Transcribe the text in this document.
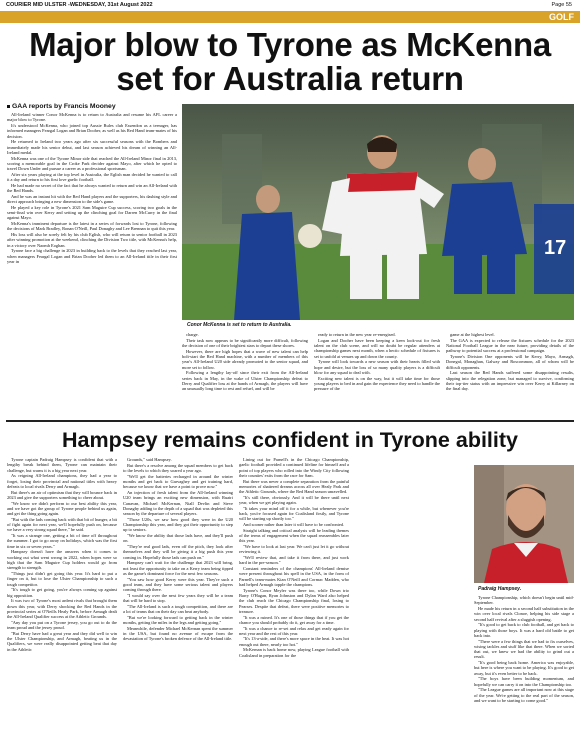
COURIER MID ULSTER -WEDNESDAY, 31st August 2022	Page 55
GOLF
Major blow to Tyrone as McKenna set for Australia return
GAA reports by Francis Mooney

All-Ireland winner Conor McKenna is to return to Australia and resume his AFL career a major blow to Tyrone.

It's understood McKenna, who joined top Aussie Rules club Essendon as a teenager, has informed managers Feargal Logan and Brian Dooher, as well as his Red Hand team-mates of his decision.

He returned to Ireland two years ago after six successful seasons with the Bombers and immediately made his senior debut, and last season achieved his dream of winning an All-Ireland medal.

McKenna was one of the Tyrone Minor side that reached the All-Ireland Minor final in 2013, scoring a memorable goal in the Croke Park decider against Mayo, after which he opted to travel Down Under and pursue a career as a professional sportsman.

After six years playing at the top level in Australia, the Eglish man decided he wanted to call it a day and return to his first love gaelic football.

He had made no secret of the fact that he always wanted to return and win an All-Ireland with the Red Hands.

And he was an instant hit with the Red Hand players and the supporters, his dashing style and direct approach bringing a new dimension to the side's game.

He played a key role in Tyrone's 2021 Sam Maguire Cup success, scoring two goals in the semi-final win over Kerry and setting up the clinching goal for Darren McCurry in the final against Mayo.

McKenna's imminent departure is the latest in a series of forwards lost to Tyrone, following the decisions of Mark Bradley, Ronan O'Neill, Paul Donaghy and Lee Brennan to quit this year.

His loss will also be sorely felt by his club Eglish, who will return to senior football in 2023 after winning promotion at the weekend, clinching the Division Two title, with McKenna's help, in a victory over Naomh Eoghan.

Tyrone face a big challenge in 2023 in building back to the levels that they reached last year, when managers Feargal Logan and Brian Dooher led them to an All-Ireland title in their first year in

17
Conor McKenna is set to return to Australia.

charge.

Their task now appears to be significantly more difficult, following the decision of one of their brightest stars to depart these shores.

However, there are high hopes that a wave of new talent can help bolt-start the Red Hand machine, with a number of members of this year's All-Ireland U20 side already promoted to the senior squad, and more set to follow.

Following a lengthy lay-off since their exit from the All-Ireland series back in May, in the wake of Ulster Championship defeat to Derry and Qualifier loss at the hands of Armagh, the players will have an unusually long time to rest and refuel, and will be

ready to return in the new year re-energised.

Logan and Dooher have been keeping a keen look-out for fresh talent on the club scene, and will no doubt be regular attenders at championship games next month, when a hectic schedule of fixtures is set to unfold at venues up and down the county.

Tyrone will look towards a new season with their hearts filled with hope and desire, but the loss of so many quality players is a difficult blow for any squad to deal with.

Exciting new talent is on the way, but it will take time for those young players to bed in and gain the experience they need to handle the pressure of the

game at the highest level.

The GAA is expected to release the fixtures schedule for the 2023 National Football League in the near future, providing details of the pathway to potential success at a professional campaign.

Tyrone's Division One opponents will be Kerry, Mayo, Armagh, Donegal, Monaghan, Galway and Roscommon, all of whom will be difficult opponents.

Last season the Red Hands suffered some disappointing results, slipping into the relegation zone, but managed to survive, confirming their top-tier status with an impressive win over Kerry at Killarney on the final day.

Hampsey remains confident in Tyrone ability

Tyrone captain Padraig Hampsey is confident that with a lengthy break behind them, Tyrone can maintain their challenge, but warns it is a big year next year.

As reigning All-Ireland champions, they had a year to forget, losing their provincial and national titles with heavy defeats to local rivals Derry and Armagh.

But there's an air of optimism that they will bounce back in 2023 and give the supporters something to cheer about.

"We know we didn't perform to our best ability this year, and we have got the group of Tyrone people behind us again, and get the thing going again.

"But with the lads coming back with that bit of hunger, a bit of fight again for next year, we'll hopefully push on, because we have a very strong squad there," he said.

"It was a strange one, getting a bit of time off throughout the summer. I got to go away on holidays, which was the first time in six or seven years."

Hampsey doesn't have the answers when it comes to working out what went wrong in 2022, when hopes were so high that the Sam Maguire Cup holders would go from strength to strength.

"Things just didn't get going this year. It's hard to put a finger on it, but to lose the Ulster Championship to such a tough competitor.

"It's tough to get going, you're always coming up against big opposition.

It was two of Tyrone's most ardent rivals that brought them down this year, with Derry shocking the Red Hands in the provincial series at O'Neills Healy Park, before Armagh dealt the All-Ireland Qualifier success at the Athletic Grounds.

"Any day you put on a Tyrone jersey, you go out to do the team proud and the jersey proud.

"But Derry have had a great year and they did well to win the Ulster Championship, and Armagh, beating us in the Qualifiers, we were really disappointed getting beat that day in the Athletic

Grounds," said Hampsey.

But there's a resolve among the squad members to get back to the levels to which they soared a year ago.

"We'll get the batteries recharged in around the winter months and get back to Garvaghey and get training hard, because we know that we have a point to prove now."

An injection of fresh talent from the All-Ireland winning U20 team brings an exciting new dimension, with Ruairi Canavan, Michael McKernan, Niall Devlin and Steve Donaghy adding to the depth of a squad that was depleted this season by the departure of several players.

"Those U20s, we saw how good they were in the U20 Championship this year, and they got their opportunity to step up to seniors.

"We know the ability that those lads have, and they'll push on.

"They're real good lads, even off the pitch, they look after themselves and they will be giving it a big push this year coming in. Hopefully those lads can push on."

Hampsey can't wait for the challenge that 2023 will bring, not least the opportunity to take on a Kerry team being tipped as the game's dominant force for the next few seasons.

"You saw how good Kerry were this year. They're such a good team, and they have some serious talent and players coming through there.

"I would say over the next few years they will be a team that will be hard to stop.

"The All-Ireland is such a tough competition, and there are a lot of teams that on their day can beat anybody.

"But we're looking forward to getting back in the winter months, getting the miles in the legs and getting going."

Meanwhile, defender Michael McKernan spent the summer in the USA, but found no avenue of escape from the devastation of Tyrone's broken defence of the All-Ireland title.

Lining out for Parnell's in the Chicago Championship, gaelic football provided a continued lifeline for himself and a point of top players who rolled into the Windy City following their counties' exits from the race for Sam.

But there was never a complete separation from the painful memories of shattered dreams across all over Healy Park and the Athletic Grounds, where the Red Hand season unravelled.

"It's still there, obviously. And it will be there until next year, when we get playing again.

"It takes your mind off it for a while, but whenever you're back, you're focused again for Coalisland firstly, and Tyrone will be starting up shortly too."

And sooner rather than later it will have to be confronted.

Straight talking and critical analysis will be leading themes of the terms of engagement when the squad reassembles later this year.

"We have to look at last year. We can't just let it go without reviewing it.

"We'll review that, and take it from there, and just work hard in the pre-season."

Constant reminders of the champions' All-Ireland demise were present throughout his spell in the USA, in the form of Parnell's team-mates Kian O'Neill and Cormac Madden, who had helped Armagh topple the champions.

Tyrone's Conor Meyler was there too, while Down trio Barry O'Hagan, Ryan Johnston and Dylan Ward also helped the club reach the Chicago Championship final, losing to Pearses. Despite that defeat, there were positive memories to treasure.

"It was a ruined. It's one of those things that if you get the chance you should probably do it, get away for a time.

"It was a chance to re-set and relax and get ready again for next year and the rest of this year.

"It's 13-a-side, and there's more space in the heat. It was hot enough out there, nearly too hot."

McKernan is back home now, playing League football with Coalisland in preparation for the

Padraig Hampsey.

Tyrone Championship, which doesn't begin until mid-September.

He made his return in a second half substitution in the win over local rivals Clonoe, helping his side stage a second half revival after a sluggish opening.

"It's good to get back to club football, and get back to playing with those boys. It was a hard old battle to get back into.

"There were a few things that we had to fix ourselves, wising tackles and stuff like that there. When we sorted that out, we knew we had the ability to grind out a result.

"It's good being back home. America was enjoyable, but here is where you want to be playing. It's good to get away, but it's even better to be back.

"The boys have been building momentum, and hopefully we can carry it on into the Championship too.

"The League games are all important now at this stage of the year. We're getting to the real part of the season, and we want to be starting to come good."
